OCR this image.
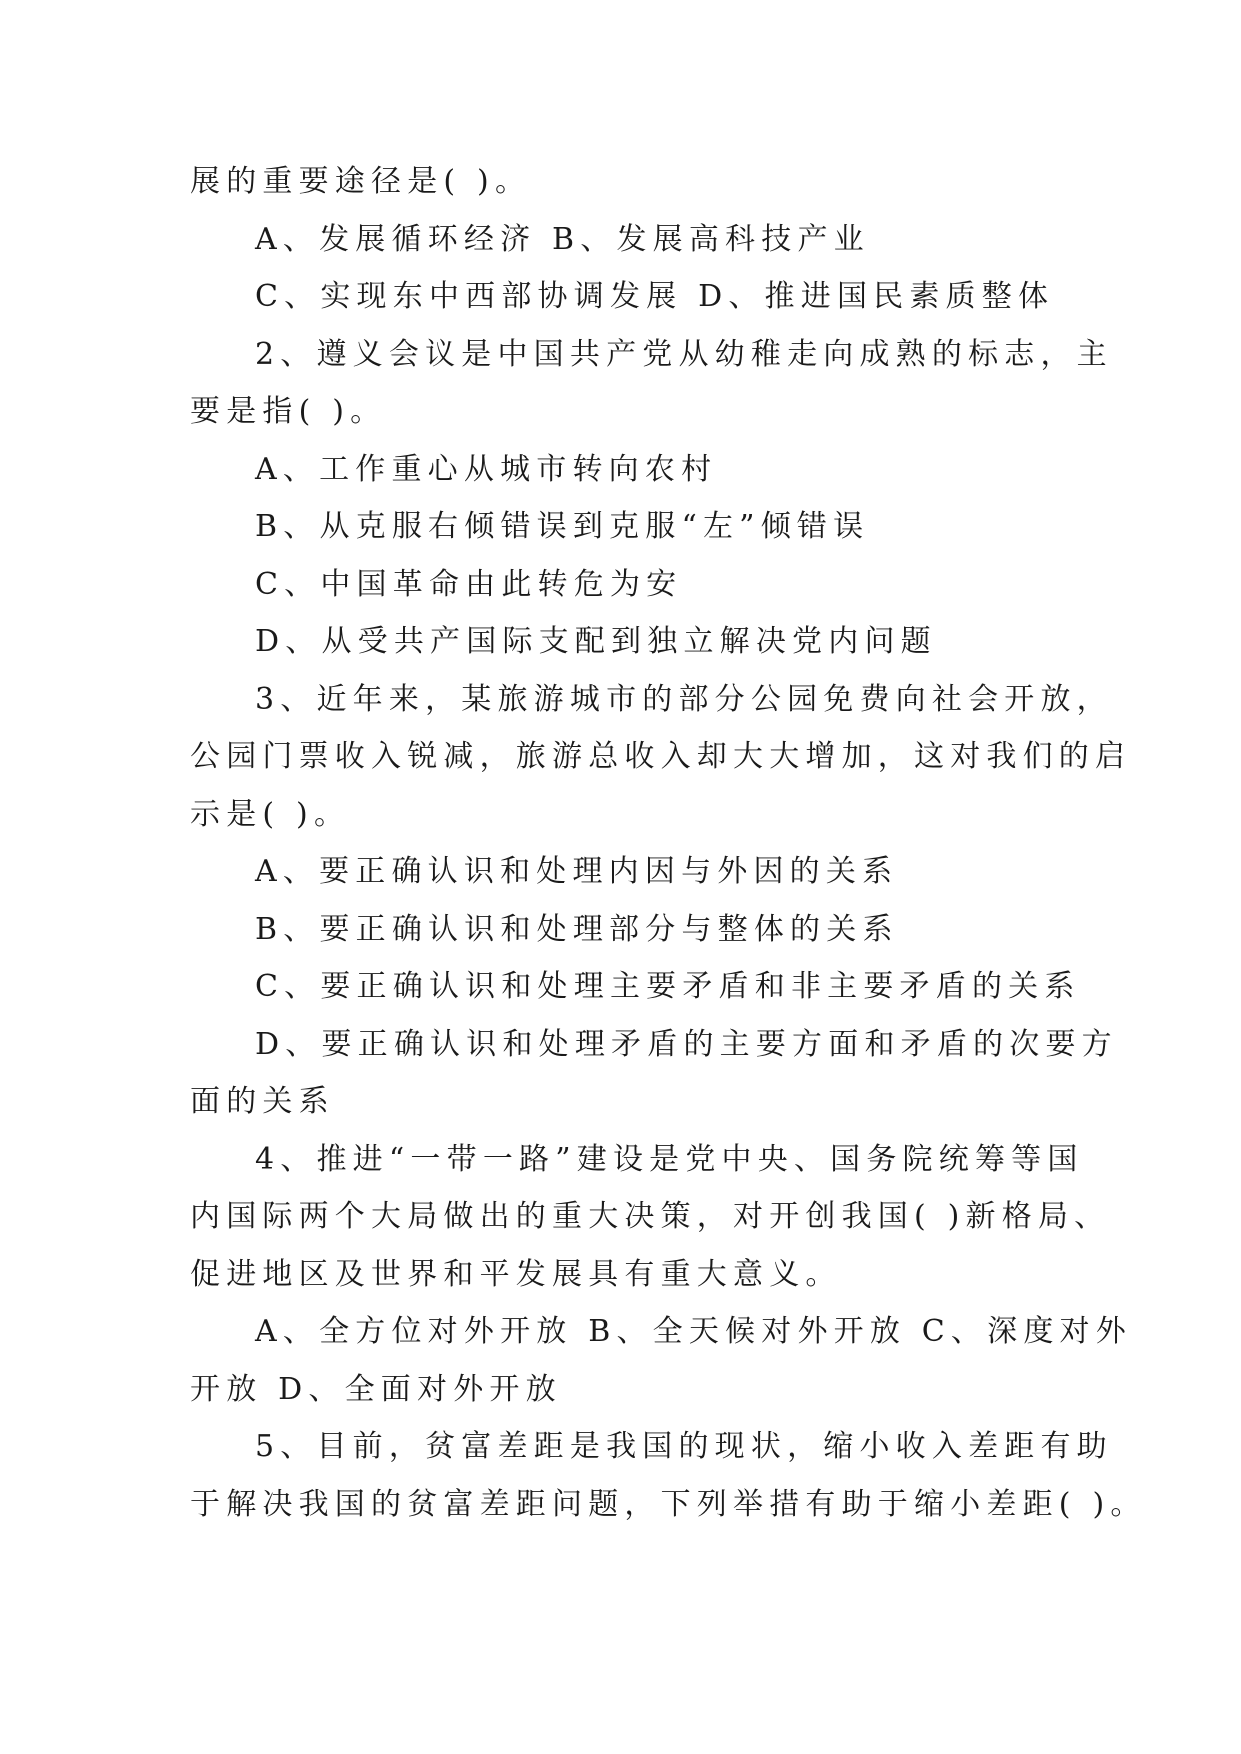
展的重要途径是( )。
A、发展循环经济 B、发展高科技产业
C、实现东中西部协调发展 D、推进国民素质整体
2、遵义会议是中国共产党从幼稚走向成熟的标志，主
要是指( )。
A、工作重心从城市转向农村
B、从克服右倾错误到克服“左”倾错误
C、中国革命由此转危为安
D、从受共产国际支配到独立解决党内问题
3、近年来，某旅游城市的部分公园免费向社会开放，
公园门票收入锐减，旅游总收入却大大增加，这对我们的启
示是( )。
A、要正确认识和处理内因与外因的关系
B、要正确认识和处理部分与整体的关系
C、要正确认识和处理主要矛盾和非主要矛盾的关系
D、要正确认识和处理矛盾的主要方面和矛盾的次要方
面的关系
4、推进“一带一路”建设是党中央、国务院统筹等国
内国际两个大局做出的重大决策，对开创我国( )新格局、
促进地区及世界和平发展具有重大意义。
A、全方位对外开放 B、全天候对外开放 C、深度对外
开放 D、全面对外开放
5、目前，贫富差距是我国的现状，缩小收入差距有助
于解决我国的贫富差距问题，下列举措有助于缩小差距( )。
